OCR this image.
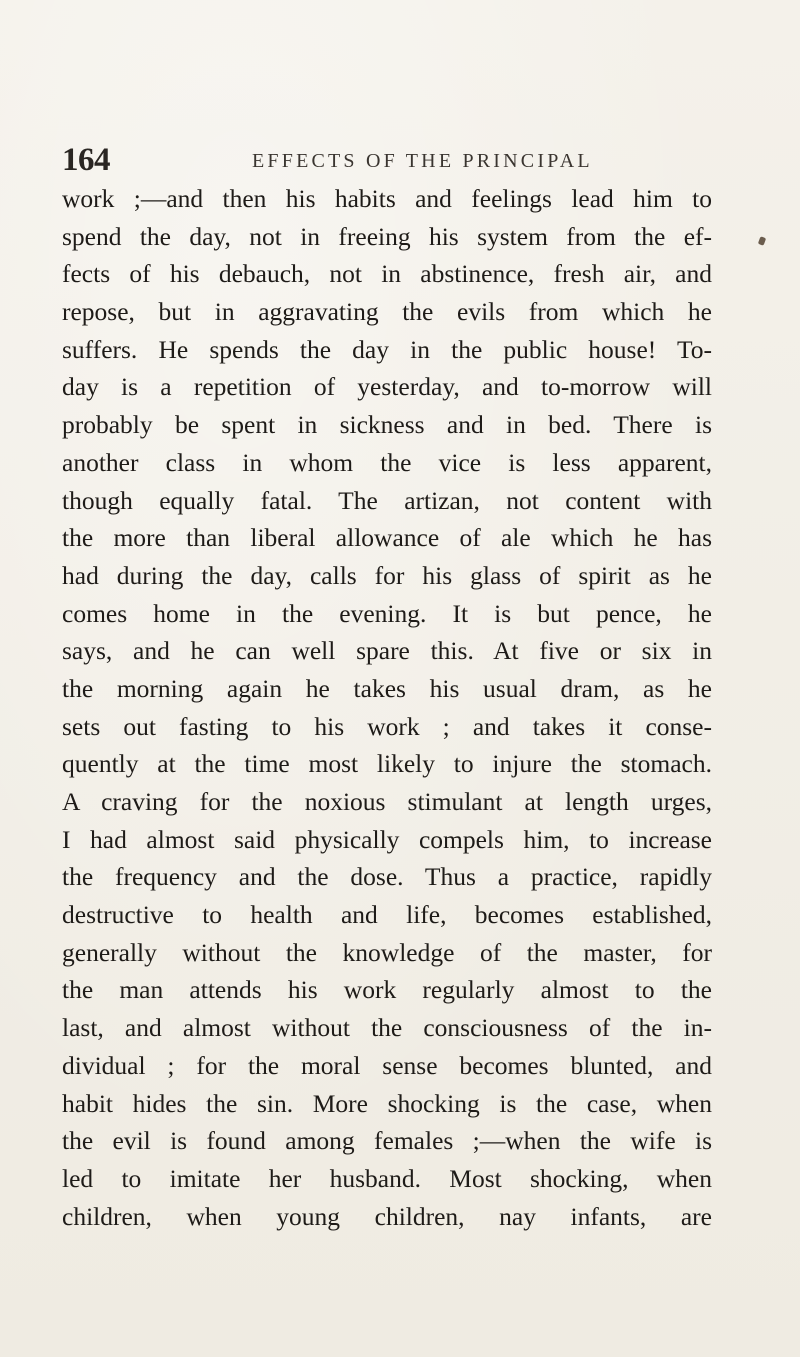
164	EFFECTS OF THE PRINCIPAL
work ;—and then his habits and feelings lead him to
spend the day, not in freeing his system from the ef-
fects of his debauch, not in abstinence, fresh air, and
repose, but in aggravating the evils from which he
suffers. He spends the day in the public house! To-
day is a repetition of yesterday, and to-morrow will
probably be spent in sickness and in bed. There is
another class in whom the vice is less apparent,
though equally fatal. The artizan, not content with
the more than liberal allowance of ale which he has
had during the day, calls for his glass of spirit as he
comes home in the evening. It is but pence, he
says, and he can well spare this. At five or six in
the morning again he takes his usual dram, as he
sets out fasting to his work ; and takes it conse-
quently at the time most likely to injure the stomach.
A craving for the noxious stimulant at length urges,
I had almost said physically compels him, to increase
the frequency and the dose. Thus a practice, rapidly
destructive to health and life, becomes established,
generally without the knowledge of the master, for
the man attends his work regularly almost to the
last, and almost without the consciousness of the in-
dividual ; for the moral sense becomes blunted, and
habit hides the sin. More shocking is the case, when
the evil is found among females ;—when the wife is
led to imitate her husband. Most shocking, when
children, when young children, nay infants, are
